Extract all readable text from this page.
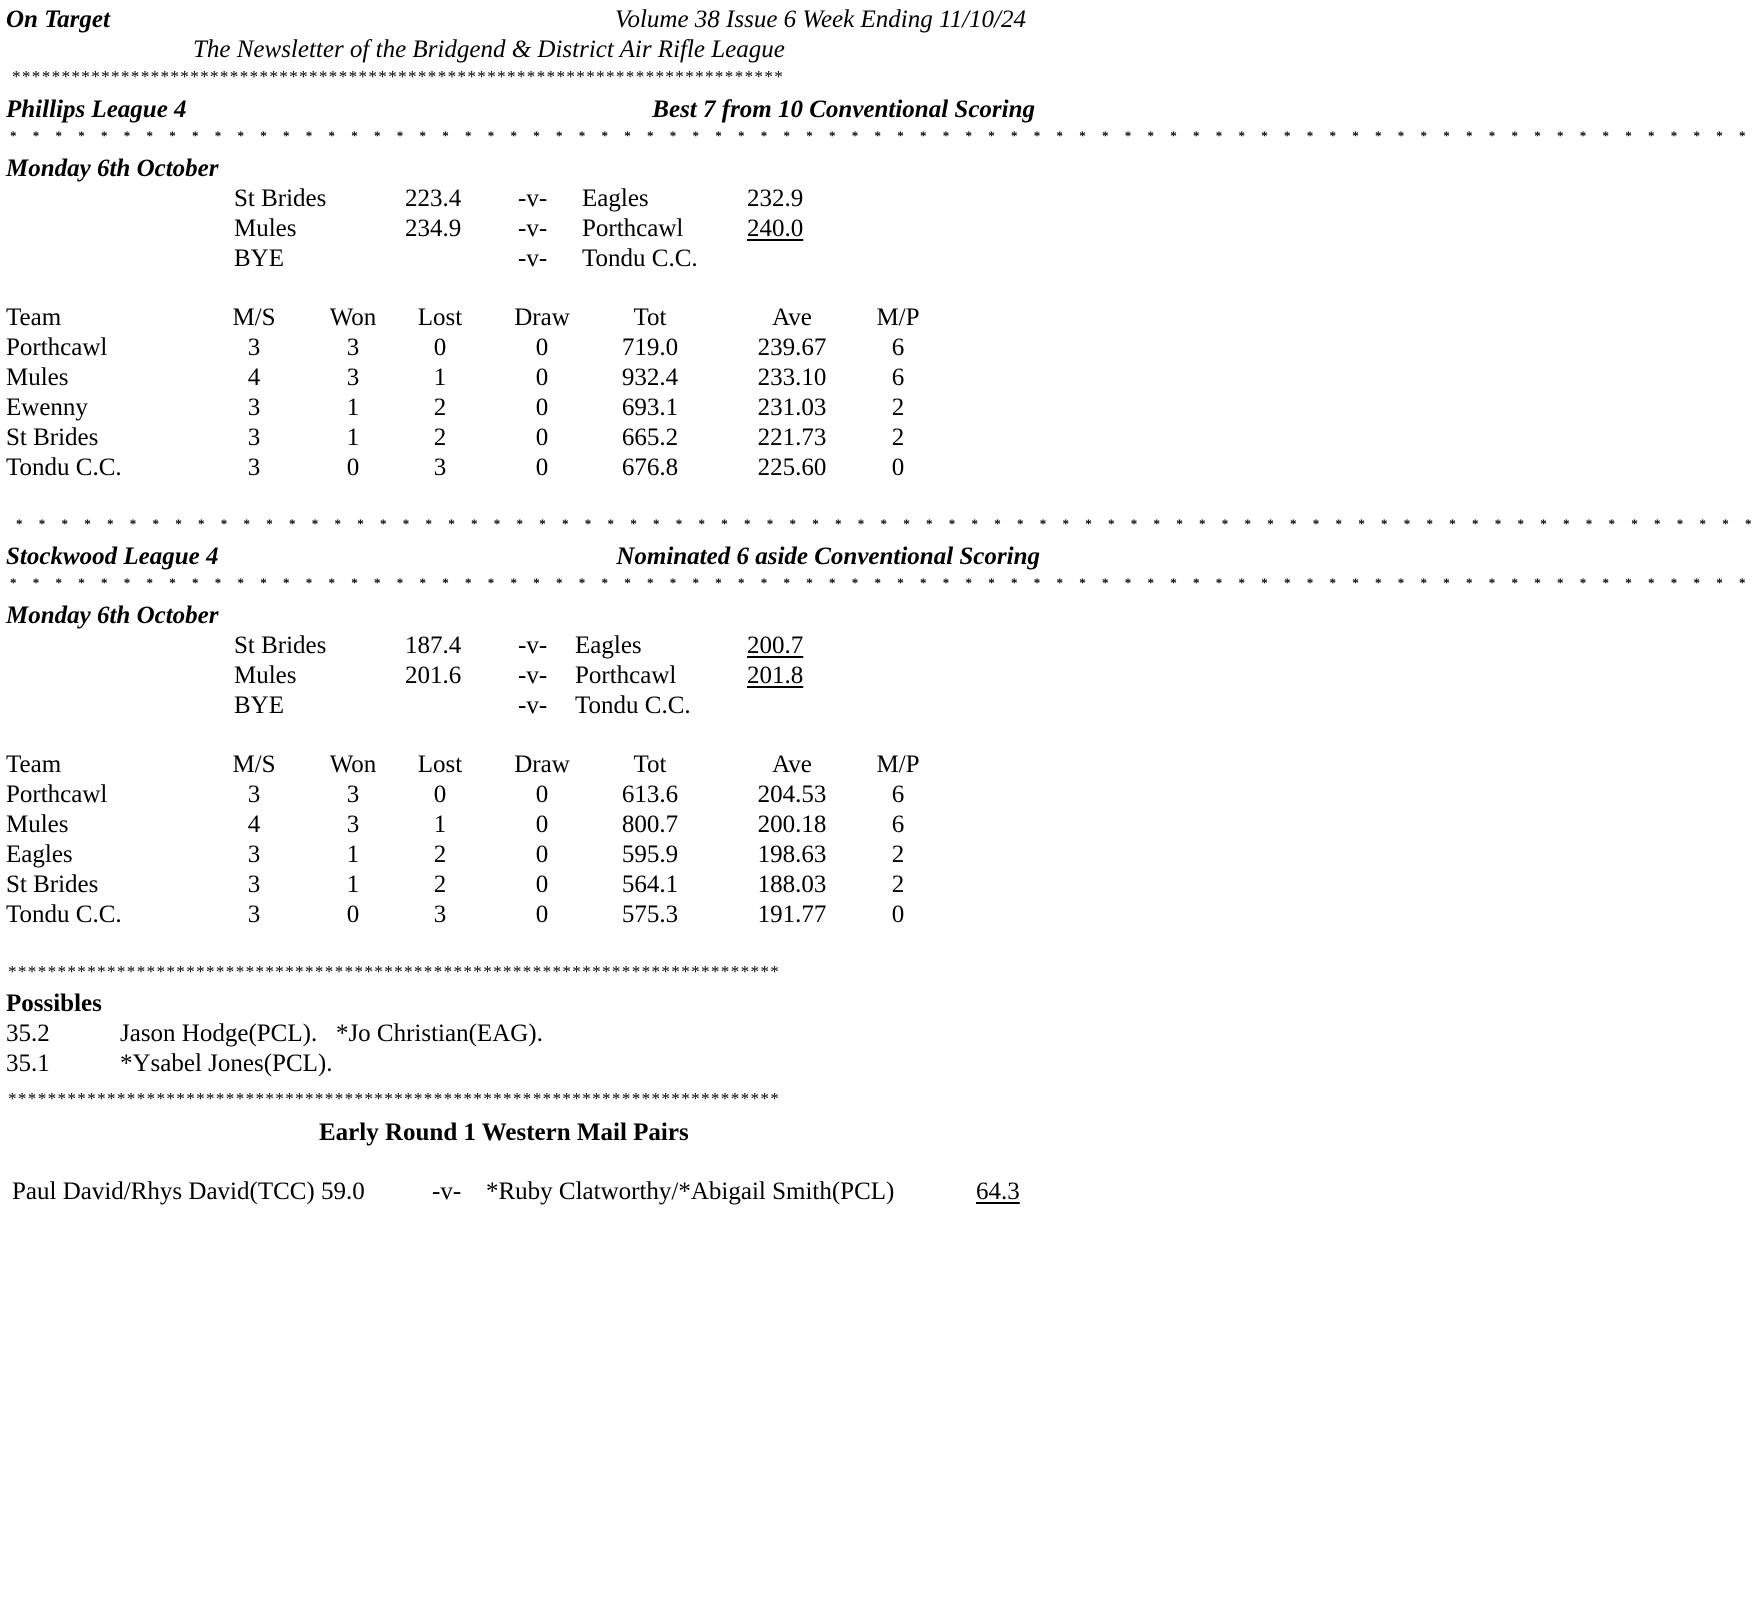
On Target	Volume 38 Issue 6 Week Ending 11/10/24
The Newsletter of the Bridgend & District Air Rifle League
******************************************************************************
Phillips League 4	Best 7 from 10 Conventional Scoring
* * * * * * * * * * * * * * * * * * * * * * * * * * * * * * * * * * * * * * * * * * * * * * * * * * * * * * * * * * * * * * * * * * * * * * * * * * * * *
Monday 6th October
St Brides	223.4 -v- Eagles	232.9
Mules	234.9 -v- Porthcawl	240.0
BYE	-v- Tondu C.C.
Team	M/S	Won	Lost	Draw	Tot	Ave	M/P
Porthcawl	3	3	0	0	719.0	239.67	6
Mules	4	3	1	0	932.4	233.10	6
Ewenny	3	1	2	0	693.1	231.03	2
St Brides	3	1	2	0	665.2	221.73	2
Tondu C.C.	3	0	3	0	676.8	225.60	0
* * * * * * * * * * * * * * * * * * * * * * * * * * * * * * * * * * * * * * * * * * * * * * * * * * * * * * * * * * * * * * * * * * * * * * * * * * * * *
Stockwood League 4	Nominated 6 aside Conventional Scoring
* * * * * * * * * * * * * * * * * * * * * * * * * * * * * * * * * * * * * * * * * * * * * * * * * * * * * * * * * * * * * * * * * * * * * * * * * * * * *
Monday 6th October
St Brides	187.4 -v- Eagles	200.7
Mules	201.6 -v- Porthcawl	201.8
BYE	-v- Tondu C.C.
Team	M/S	Won	Lost	Draw	Tot	Ave	M/P
Porthcawl	3	3	0	0	613.6	204.53	6
Mules	4	3	1	0	800.7	200.18	6
Eagles	3	1	2	0	595.9	198.63	2
St Brides	3	1	2	0	564.1	188.03	2
Tondu C.C.	3	0	3	0	575.3	191.77	0
******************************************************************************
Possibles
35.2	Jason Hodge(PCL).   *Jo Christian(EAG).
35.1	*Ysabel Jones(PCL).
******************************************************************************
Early Round 1 Western Mail Pairs
Paul David/Rhys David(TCC) 59.0	-v- *Ruby Clatworthy/*Abigail Smith(PCL)	64.3
